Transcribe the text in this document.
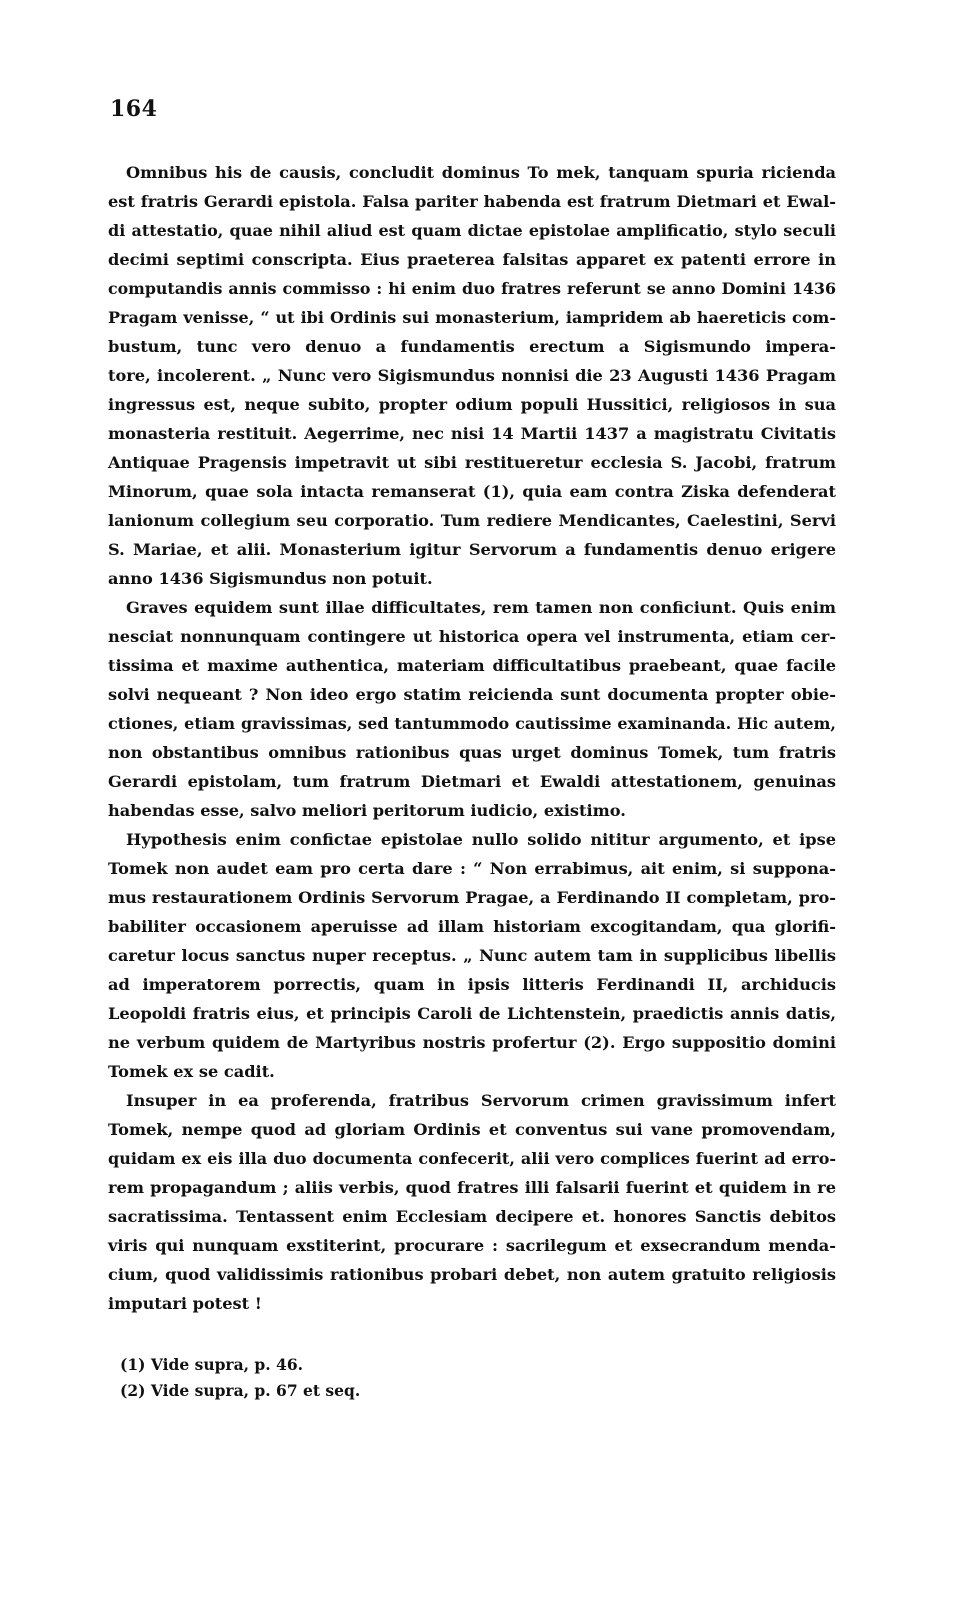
164
Omnibus his de causis, concludit dominus To mek, tanquam spuria ricienda
est fratris Gerardi epistola. Falsa pariter habenda est fratrum Dietmari et Ewal-
di attestatio, quae nihil aliud est quam dictae epistolae amplificatio, stylo seculi
decimi septimi conscripta. Eius praeterea falsitas apparet ex patenti errore in
computandis annis commisso : hi enim duo fratres referunt se anno Domini 1436
Pragam venisse, “ ut ibi Ordinis sui monasterium, iampridem ab haereticis com-
bustum, tunc vero denuo a fundamentis erectum a Sigismundo impera-
tore, incolerent. „ Nunc vero Sigismundus nonnisi die 23 Augusti 1436 Pragam
ingressus est, neque subito, propter odium populi Hussitici, religiosos in sua
monasteria restituit. Aegerrime, nec nisi 14 Martii 1437 a magistratu Civitatis
Antiquae Pragensis impetravit ut sibi restitueretur ecclesia S. Jacobi, fratrum
Minorum, quae sola intacta remanserat (1), quia eam contra Ziska defenderat
lanionum collegium seu corporatio. Tum rediere Mendicantes, Caelestini, Servi
S. Mariae, et alii. Monasterium igitur Servorum a fundamentis denuo erigere
anno 1436 Sigismundus non potuit.
Graves equidem sunt illae difficultates, rem tamen non conficiunt. Quis enim
nesciat nonnunquam contingere ut historica opera vel instrumenta, etiam cer-
tissima et maxime authentica, materiam difficultatibus praebeant, quae facile
solvi nequeant ? Non ideo ergo statim reicienda sunt documenta propter obie-
ctiones, etiam gravissimas, sed tantummodo cautissime examinanda. Hic autem,
non obstantibus omnibus rationibus quas urget dominus Tomek, tum fratris
Gerardi epistolam, tum fratrum Dietmari et Ewaldi attestationem, genuinas
habendas esse, salvo meliori peritorum iudicio, existimo.
Hypothesis enim confictae epistolae nullo solido nititur argumento, et ipse
Tomek non audet eam pro certa dare : “ Non errabimus, ait enim, si suppona-
mus restaurationem Ordinis Servorum Pragae, a Ferdinando II completam, pro-
babiliter occasionem aperuisse ad illam historiam excogitandam, qua glorifi-
caretur locus sanctus nuper receptus. „ Nunc autem tam in supplicibus libellis
ad imperatorem porrectis, quam in ipsis litteris Ferdinandi II, archiducis
Leopoldi fratris eius, et principis Caroli de Lichtenstein, praedictis annis datis,
ne verbum quidem de Martyribus nostris profertur (2). Ergo suppositio domini
Tomek ex se cadit.
Insuper in ea proferenda, fratribus Servorum crimen gravissimum infert
Tomek, nempe quod ad gloriam Ordinis et conventus sui vane promovendam,
quidam ex eis illa duo documenta confecerit, alii vero complices fuerint ad erro-
rem propagandum ; aliis verbis, quod fratres illi falsarii fuerint et quidem in re
sacratissima. Tentassent enim Ecclesiam decipere et. honores Sanctis debitos
viris qui nunquam exstiterint, procurare : sacrilegum et exsecrandum menda-
cium, quod validissimis rationibus probari debet, non autem gratuito religiosis
imputari potest !
(1) Vide supra, p. 46.
(2) Vide supra, p. 67 et seq.
